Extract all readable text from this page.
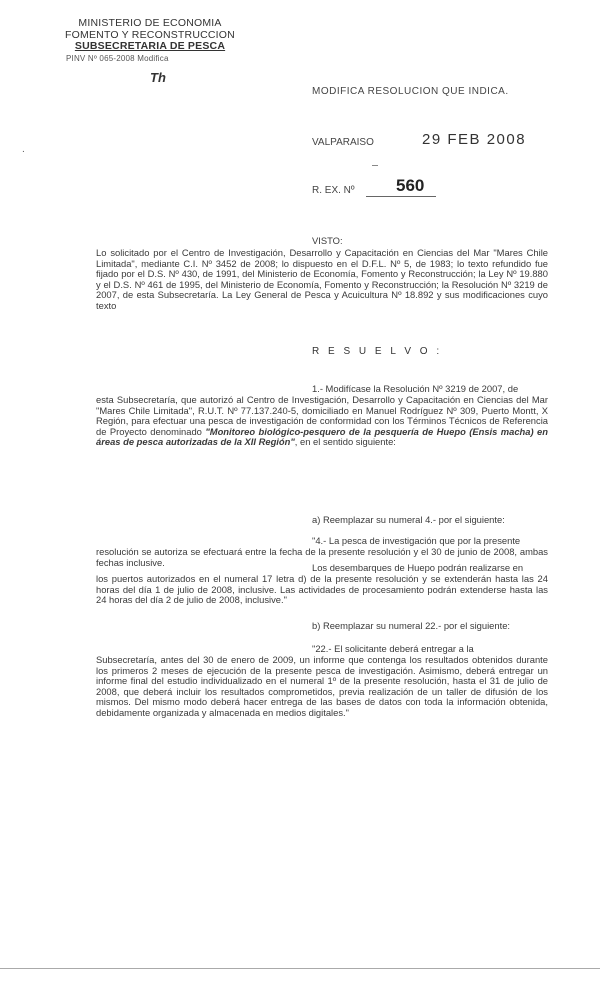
MINISTERIO DE ECONOMIA
FOMENTO Y RECONSTRUCCION
SUBSECRETARIA DE PESCA
PINV Nº 065-2008 Modifica
Th
.
MODIFICA RESOLUCION QUE INDICA.
VALPARAISO	29 FEB 2008
R. EX. Nº 560

VISTO:

Lo solicitado por el Centro de Investigación, Desarrollo y Capacitación en Ciencias del Mar "Mares Chile Limitada", mediante C.I. Nº 3452 de 2008; lo dispuesto en el D.F.L. Nº 5, de 1983; lo texto refundido fue fijado por el D.S. Nº 430, de 1991, del Ministerio de Economía, Fomento y Reconstrucción; la Ley Nº 19.880 y el D.S. Nº 461 de 1995, del Ministerio de Economía, Fomento y Reconstrucción; la Resolución Nº 3219 de 2007, de esta Subsecretaría. La Ley General de Pesca y Acuicultura Nº 18.892 y sus modificaciones cuyo texto

R E S U E L V O :
1.- Modifícase la Resolución Nº 3219 de 2007, de

esta Subsecretaría, que autorizó al Centro de Investigación, Desarrollo y Capacitación en Ciencias del Mar "Mares Chile Limitada", R.U.T. Nº 77.137.240-5, domiciliado en Manuel Rodríguez Nº 309, Puerto Montt, X Región, para efectuar una pesca de investigación de conformidad con los Términos Técnicos de Referencia de Proyecto denominado "Monitoreo biológico-pesquero de la pesquería de Huepo (Ensis macha) en áreas de pesca autorizadas de la XII Región", en el sentido siguiente:

a) Reemplazar su numeral 4.- por el siguiente:
"4.- La pesca de investigación que por la presente

resolución se autoriza se efectuará entre la fecha de la presente resolución y el 30 de junio de 2008, ambas fechas inclusive.	Los desembarques de Huepo podrán realizarse en

los puertos autorizados en el numeral 17 letra d) de la presente resolución y se extenderán hasta las 24 horas del día 1 de julio de 2008, inclusive. Las actividades de procesamiento podrán extenderse hasta las 24 horas del día 2 de julio de 2008, inclusive."

b) Reemplazar su numeral 22.- por el siguiente:
"22.- El solicitante deberá entregar a la

Subsecretaría, antes del 30 de enero de 2009, un informe que contenga los resultados obtenidos durante los primeros 2 meses de ejecución de la presente pesca de investigación. Asimismo, deberá entregar un informe final del estudio individualizado en el numeral 1º de la presente resolución, hasta el 31 de julio de 2008, que deberá incluir los resultados comprometidos, previa realización de un taller de difusión de los mismos. Del mismo modo deberá hacer entrega de las bases de datos con toda la información obtenida, debidamente organizada y almacenada en medios digitales."
